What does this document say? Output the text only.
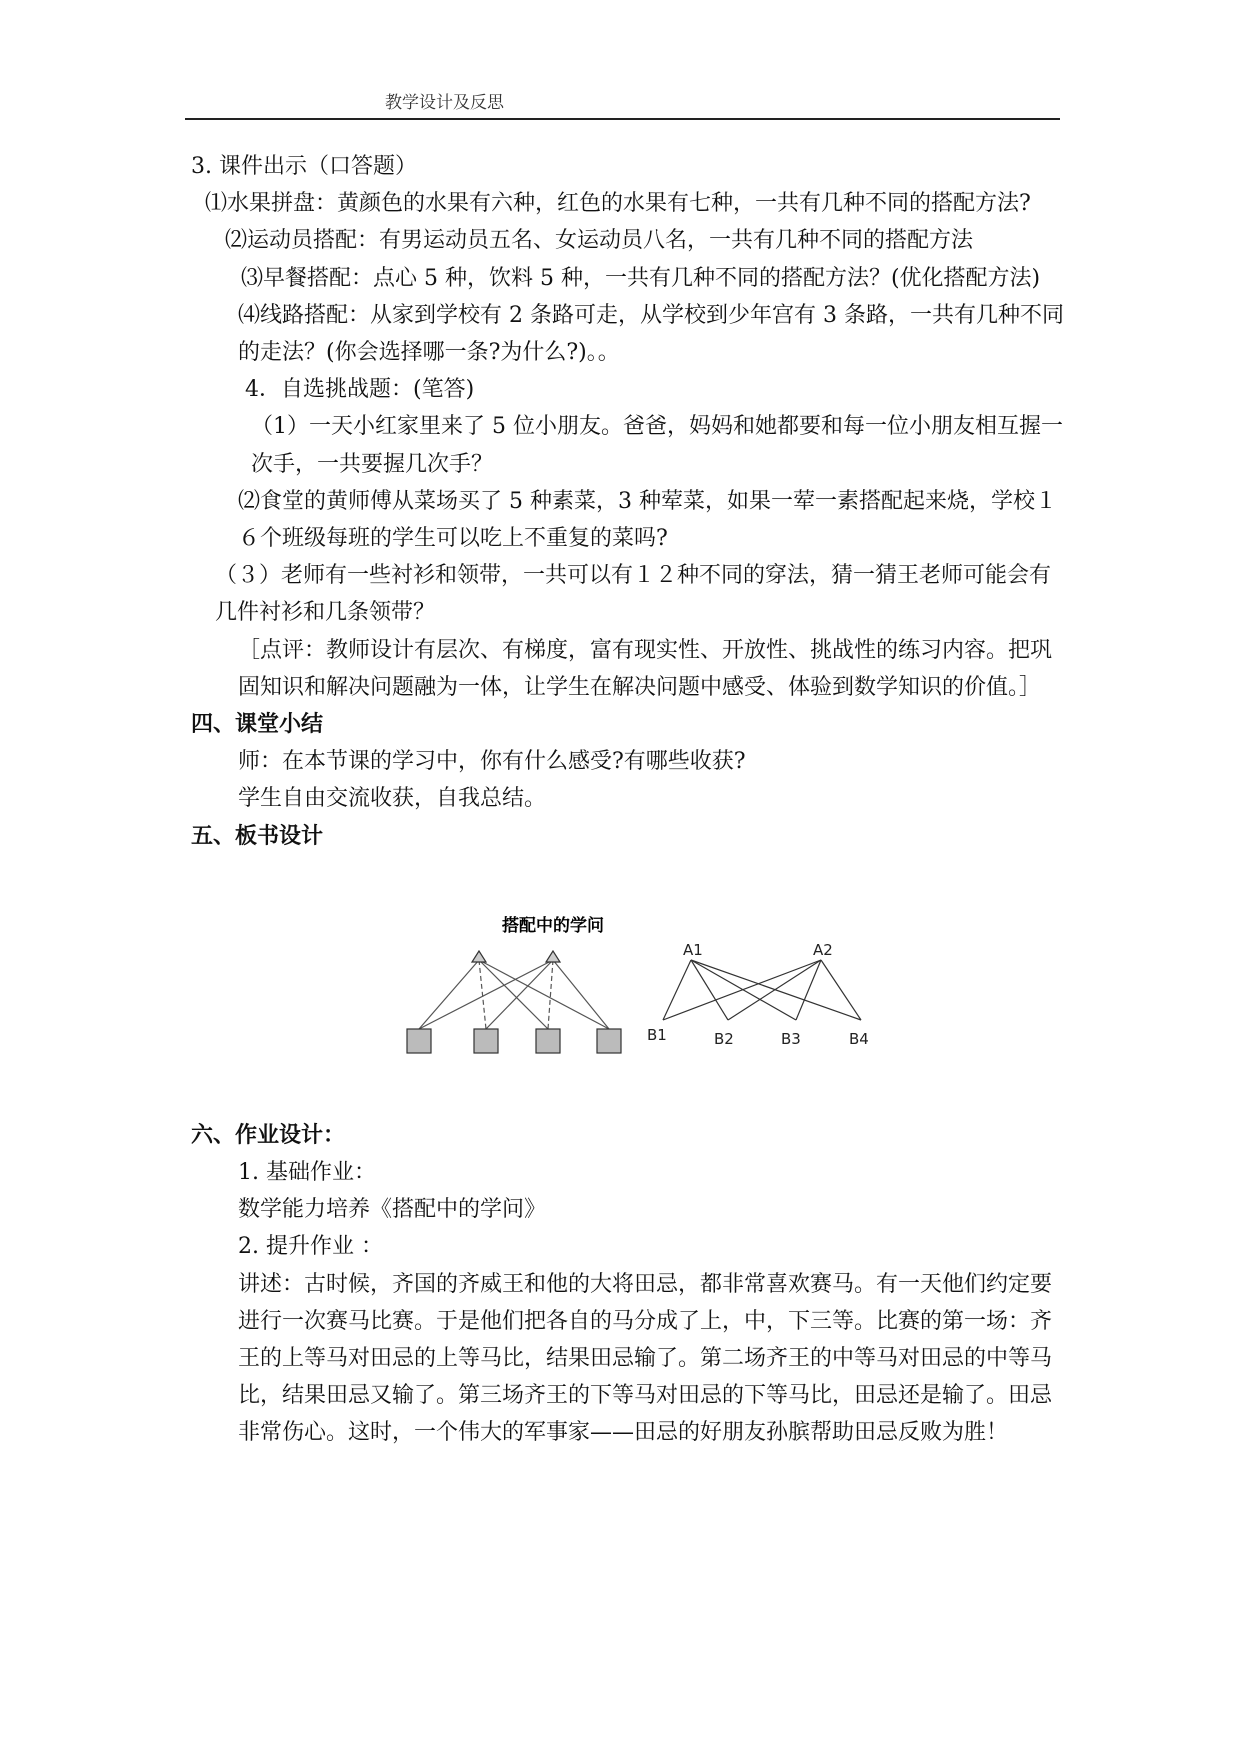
教学设计及反思

3. 课件出示（口答题）

⑴水果拼盘：黄颜色的水果有六种，红色的水果有七种，一共有几种不同的搭配方法?

⑵运动员搭配：有男运动员五名、女运动员八名，一共有几种不同的搭配方法

⑶早餐搭配：点心 5 种，饮料 5 种，一共有几种不同的搭配方法？(优化搭配方法)

⑷线路搭配：从家到学校有 2 条路可走，从学校到少年宫有 3 条路，一共有几种不同的走法？(你会选择哪一条?为什么?)。。

4．自选挑战题：(笔答)

（1）一天小红家里来了 5 位小朋友。爸爸，妈妈和她都要和每一位小朋友相互握一次手，一共要握几次手？

⑵食堂的黄师傅从菜场买了 5 种素菜，3 种荤菜，如果一荤一素搭配起来烧，学校１６个班级每班的学生可以吃上不重复的菜吗?

（３）老师有一些衬衫和领带，一共可以有１２种不同的穿法，猜一猜王老师可能会有几件衬衫和几条领带？

［点评：教师设计有层次、有梯度，富有现实性、开放性、挑战性的练习内容。把巩固知识和解决问题融为一体，让学生在解决问题中感受、体验到数学知识的价值。］

四、课堂小结

师：在本节课的学习中，你有什么感受?有哪些收获?

学生自由交流收获，自我总结。

五、板书设计

搭配中的学问
A1	A2
B1	B2	B3	B4

六、作业设计：

1. 基础作业：

数学能力培养《搭配中的学问》

2. 提升作业 ：

讲述：古时候，齐国的齐威王和他的大将田忌，都非常喜欢赛马。有一天他们约定要进行一次赛马比赛。于是他们把各自的马分成了上，中，下三等。比赛的第一场：齐王的上等马对田忌的上等马比，结果田忌输了。第二场齐王的中等马对田忌的中等马比，结果田忌又输了。第三场齐王的下等马对田忌的下等马比，田忌还是输了。田忌非常伤心。这时，一个伟大的军事家——田忌的好朋友孙膑帮助田忌反败为胜！
